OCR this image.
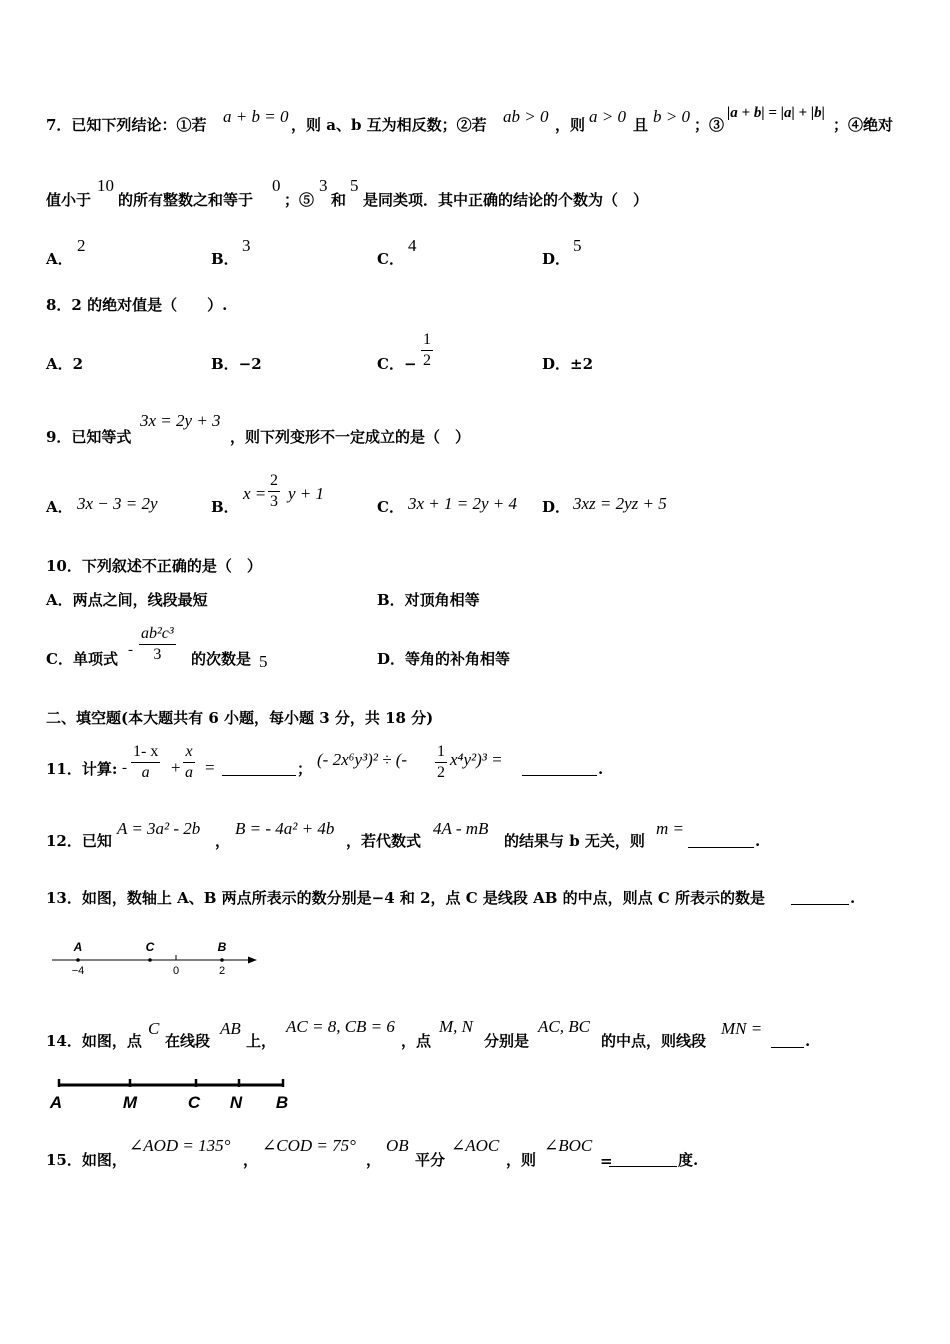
7．已知下列结论：①若 a + b = 0 ，则 a、b 互为相反数；②若 ab > 0 ，则 a > 0 且 b > 0 ；③
|a + b| = |a| + |b|
；④绝对
值小于
10
的所有整数之和等于
0
；⑤
3
和
5
是同类项．其中正确的结论的个数为（　）
A．
2
B．
3
C．
4
D．
5
8．2 的绝对值是（　　）.
A．2	B．−2	C．− $\frac{1}{2}$	D．±2
9．已知等式
3x = 2y + 3
，则下列变形不一定成立的是（　）
A． 3x − 3 = 2y	B．
$x = \frac{2}{3}$ y + 1
C． 3x + 1 = 2y + 4 D． 3xz = 2yz + 5
10．下列叙述不正确的是（　）
A．两点之间，线段最短	B．对顶角相等
C．单项式 - $\frac{\text{ab²c³}}{3}$ 的次数是 5	D．等角的补角相等
二、填空题(本大题共有 6 小题，每小题 3 分，共 18 分)
11．计算: - $\frac{1- x}{a} + \frac{x}{a}$ =	； (- 2x⁶y³)² ÷ (- $\frac{1}{2} x^4y^2)^3$ =	.
12．已知
A = 3a² - 2b
，
B = - 4a² + 4b
，若代数式
4A - mB
的结果与 b 无关，则
m =
.
13．如图，数轴上 A、B 两点所表示的数分别是−4 和 2，点 C 是线段 AB 的中点，则点 C 所表示的数是	.
A	C	B
−4	0	2
14．如图，点
C
在线段
AB
上，
AC = 8, CB = 6
，点
M, N
分别是
AC, BC
的中点，则线段
MN =
.
A	M	C N B
15．如图，
∠AOD = 135°
，
∠COD = 75°
，
OB
平分
∠AOC
，则
∠BOC
=	度.
